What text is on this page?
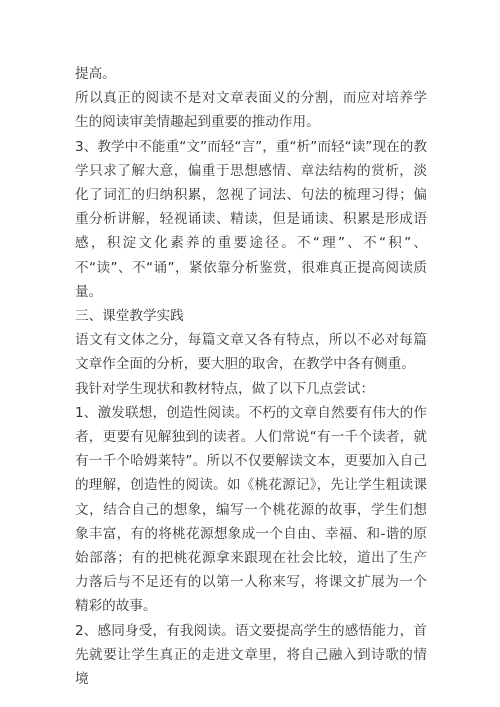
提高。

所以真正的阅读不是对文章表面义的分割，而应对培养学生的阅读审美情趣起到重要的推动作用。

3、教学中不能重“文”而轻“言”，重“析”而轻“读”现在的教学只求了解大意，偏重于思想感情、章法结构的赏析，淡化了词汇的归纳积累，忽视了词法、句法的梳理习得；偏重分析讲解，轻视诵读、精读，但是诵读、积累是形成语感，积淀文化素养的重要途径。不“理”、不“积”、不“读”、不“诵”，紧依靠分析鉴赏，很难真正提高阅读质量。

三、课堂教学实践

语文有文体之分，每篇文章又各有特点，所以不必对每篇文章作全面的分析，要大胆的取舍，在教学中各有侧重。

我针对学生现状和教材特点，做了以下几点尝试：

1、激发联想，创造性阅读。不朽的文章自然要有伟大的作者，更要有见解独到的读者。人们常说“有一千个读者，就有一千个哈姆莱特”。所以不仅要解读文本，更要加入自己的理解，创造性的阅读。如《桃花源记》，先让学生粗读课文，结合自己的想象，编写一个桃花源的故事，学生们想象丰富，有的将桃花源想象成一个自由、幸福、和-谐的原始部落；有的把桃花源拿来跟现在社会比较，道出了生产力落后与不足还有的以第一人称来写，将课文扩展为一个精彩的故事。

2、感同身受，有我阅读。语文要提高学生的感悟能力，首先就要让学生真正的走进文章里，将自己融入到诗歌的情境
